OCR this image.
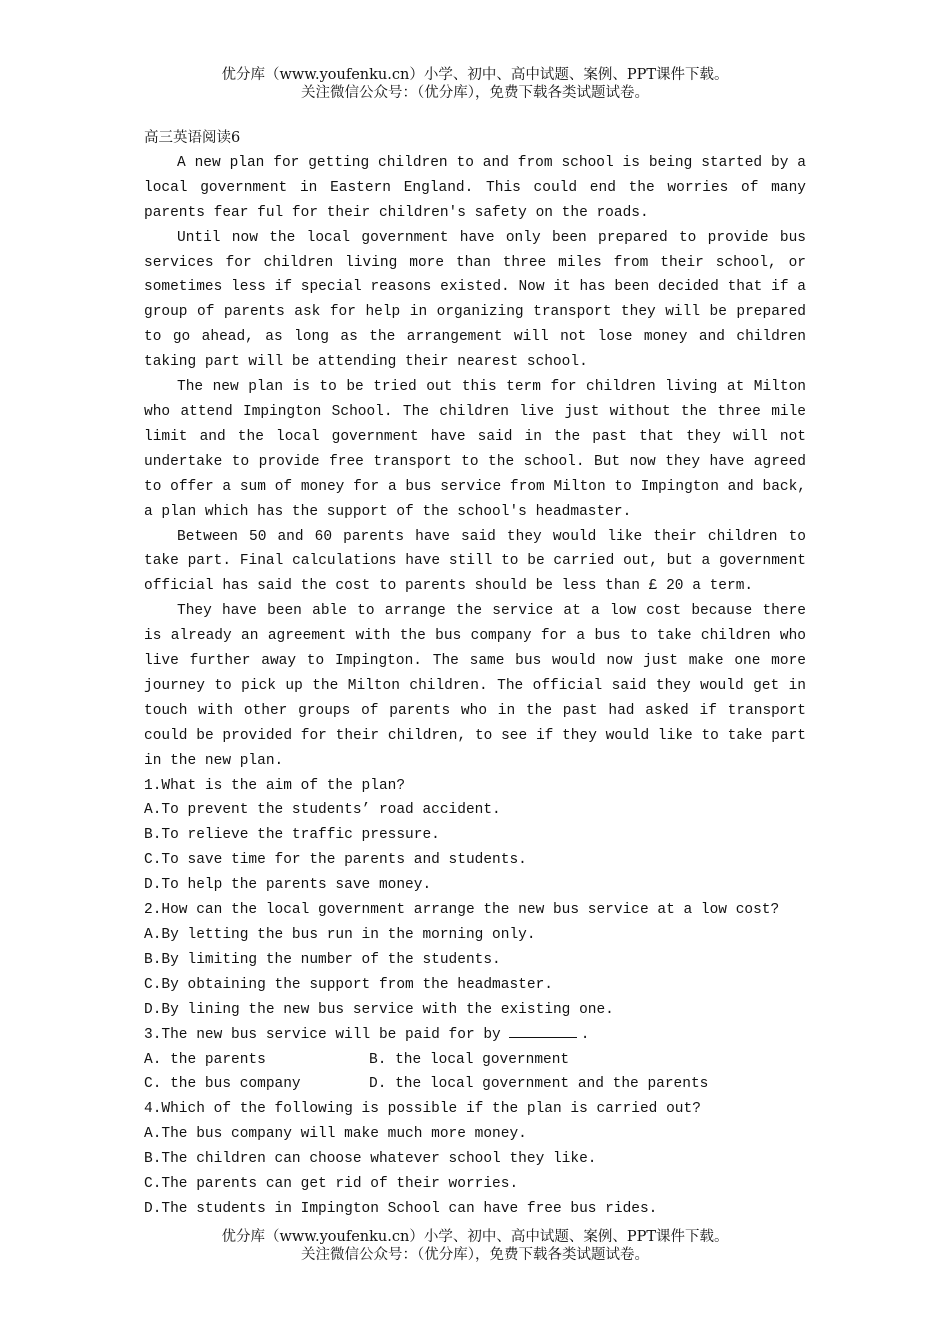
优分库（www.youfenku.cn）小学、初中、高中试题、案例、PPT课件下载。
关注微信公众号：（优分库），免费下载各类试题试卷。
高三英语阅读6

A new plan for getting children to and from school is being started by a local government in Eastern England. This could end the worries of many parents fear ful for their children's safety on the roads.

Until now the local government have only been prepared to provide bus services for children living more than three miles from their school, or sometimes less if special reasons existed. Now it has been decided that if a group of parents ask for help in organizing transport they will be prepared to go ahead, as long as the arrangement will not lose money and children taking part will be attending their nearest school.

The new plan is to be tried out this term for children living at Milton who attend Impington School. The children live just without the three mile limit and the local government have said in the past that they will not undertake to provide free transport to the school. But now they have agreed to offer a sum of money for a bus service from Milton to Impington and back, a plan which has the support of the school's headmaster.

Between 50 and 60 parents have said they would like their children to take part. Final calculations have still to be carried out, but a government official has said the cost to parents should be less than £ 20 a term.

They have been able to arrange the service at a low cost because there is already an agreement with the bus company for a bus to take children who live further away to Impington. The same bus would now just make one more journey to pick up the Milton children. The official said they would get in touch with other groups of parents who in the past had asked if transport could be provided for their children, to see if they would like to take part in the new plan.

1.What is the aim of the plan?
A.To prevent the students’ road accident.
B.To relieve the traffic pressure.
C.To save time for the parents and students.
D.To help the parents save money.
2.How can the local government arrange the new bus service at a low cost?
A.By letting the bus run in the morning only.
B.By limiting the number of the students.
C.By obtaining the support from the headmaster.
D.By lining the new bus service with the existing one.
3.The new bus service will be paid for by	.
A. the parents	B. the local government
C. the bus company	D. the local government and the parents
4.Which of the following is possible if the plan is carried out?
A.The bus company will make much more money.
B.The children can choose whatever school they like.
C.The parents can get rid of their worries.
D.The students in Impington School can have free bus rides.
优分库（www.youfenku.cn）小学、初中、高中试题、案例、PPT课件下载。
关注微信公众号：（优分库），免费下载各类试题试卷。
